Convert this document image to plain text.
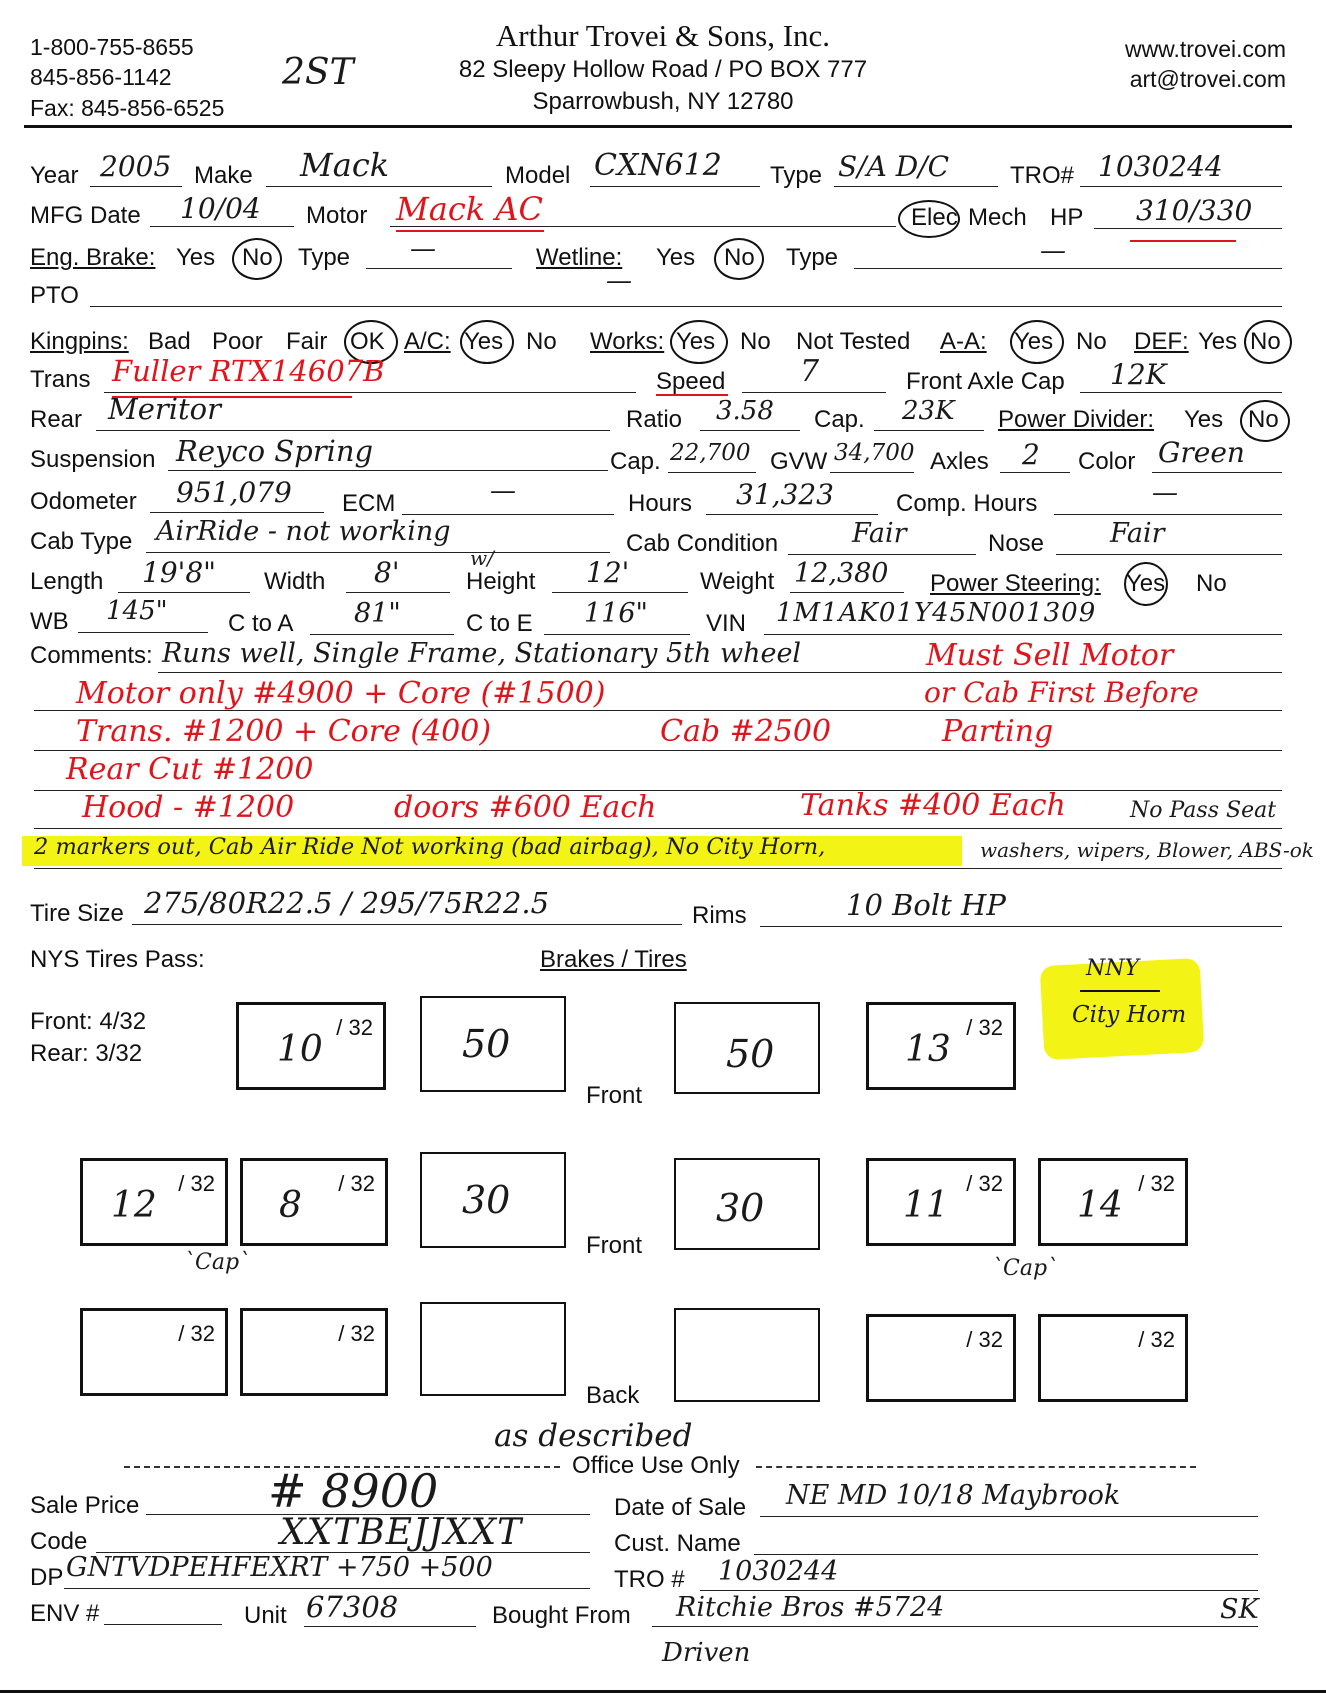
1-800-755-8655
845-856-1142
Fax: 845-856-6525
2ST
Arthur Trovei & Sons, Inc.
82 Sleepy Hollow Road / PO BOX 777
Sparrowbush, NY 12780
www.trovei.com
art@trovei.com
Year 2005 Make Mack	Model CXN612 Type S/A D/C	TRO# 1030244
MFG Date 10/04 Motor Mack AC	Elec Mech HP 310/330
Eng. Brake: Yes No Type —	Wetline: Yes No Type	—
PTO	—
Kingpins: Bad Poor Fair OK A/C: Yes No Works: Yes No Not Tested A-A: Yes No DEF: Yes No
Trans Fuller RTX14607B	Speed 7	Front Axle Cap 12K
Rear Meritor	Ratio 3.58 Cap. 23K Power Divider: Yes No
Suspension Reyco Spring	Cap. 22,700 GVW 34,700 Axles 2 Color Green
Odometer 951,079 ECM	—	Hours 31,323	Comp. Hours	—
Cab Type AirRide - not working
w/
Cab Condition	Fair	Nose Fair
Length 19'8" Width 8'	Height 12'	Weight 12,380 Power Steering: Yes No
WB 145"	C to A 81"	C to E 116" VIN 1M1AK01Y45N001309
Comments: Runs well, Single Frame, Stationary 5th wheel
Motor only #4900 + Core (#1500)
Must Sell Motor
or Cab First Before
Trans. #1200 + Core (400)	Cab #2500	Parting
Rear Cut #1200
Hood - #1200	doors #600 Each	Tanks #400 Each	No Pass Seat
2 markers out, Cab Air Ride Not working (bad airbag), No City Horn,	washers, wipers, Blower, ABS-ok
Tire Size 275/80R22.5 / 295/75R22.5	Rims	10 Bolt HP
NYS Tires Pass:	Brakes / Tires
Front: 4/32
Rear: 3/32
NNY
City Horn
/ 32
10	50
Front
50
/ 32
13
/ 32
12
/ 32
8
`Cap`
30
Front
30
/ 32
11
/ 32
14
`Cap`
/ 32	/ 32
Back
/ 32	/ 32
as described
Office Use Only
Sale Price	# 8900	Date of Sale NE MD 10/18 Maybrook
Code	XXTBEJJXXT	Cust. Name
DP GNTVDPEHFEXRT +750 +500	TRO # 1030244
ENV #	Unit 67308	Bought From Ritchie Bros #5724	SK
Driven
